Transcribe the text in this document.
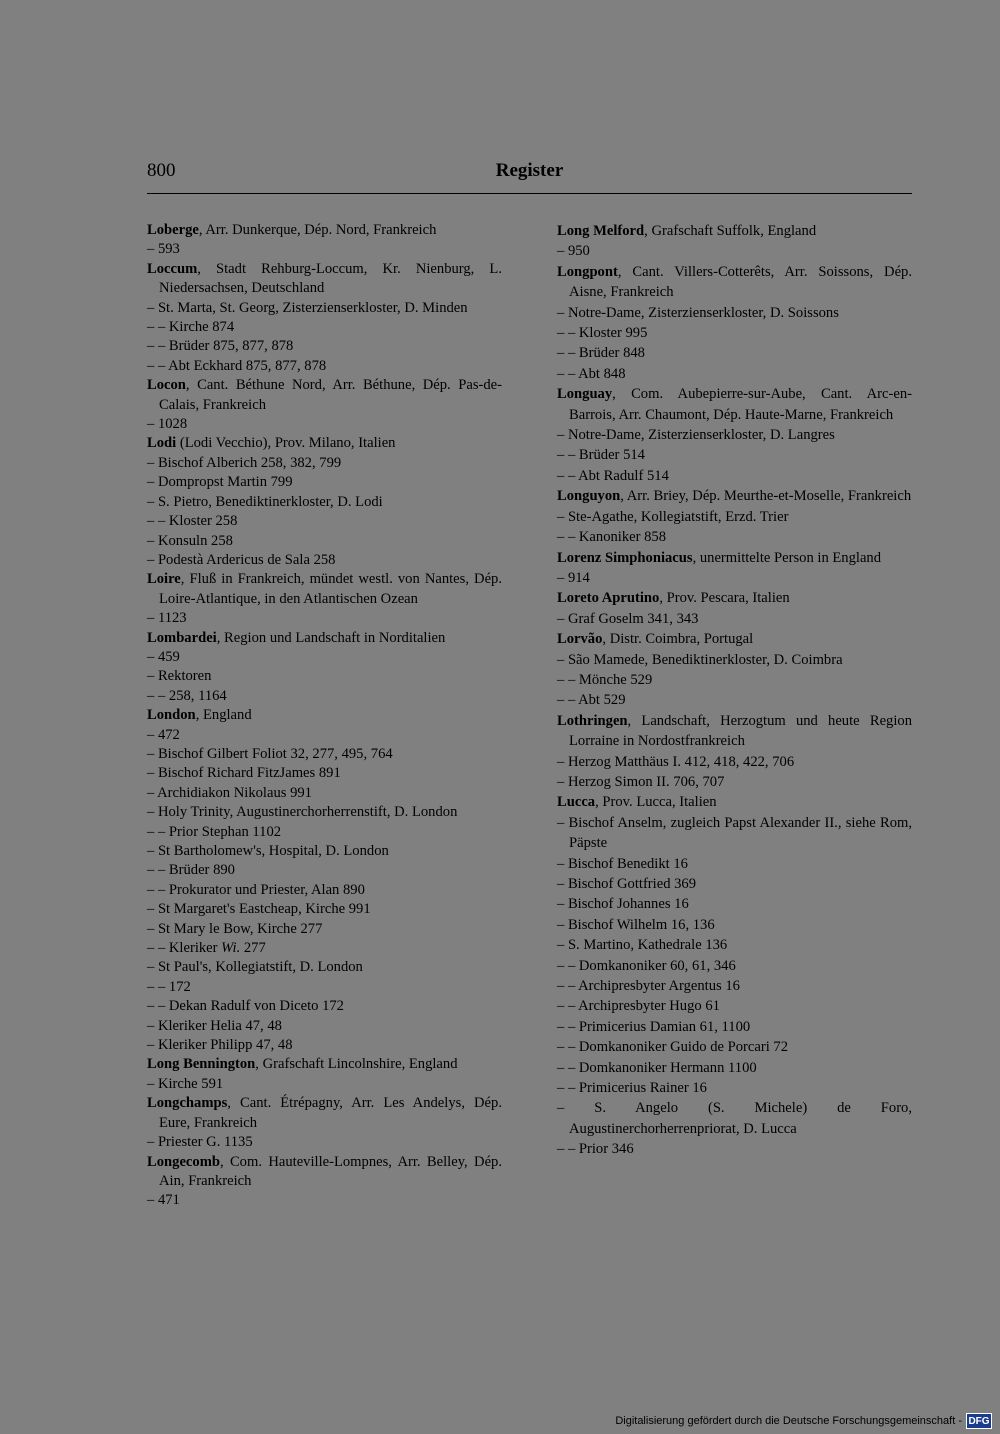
800	Register
Loberge, Arr. Dunkerque, Dép. Nord, Frankreich
– 593
Loccum, Stadt Rehburg-Loccum, Kr. Nienburg, L. Niedersachsen, Deutschland
– St. Marta, St. Georg, Zisterzienserkloster, D. Minden
– – Kirche 874
– – Brüder 875, 877, 878
– – Abt Eckhard 875, 877, 878
Locon, Cant. Béthune Nord, Arr. Béthune, Dép. Pas-de-Calais, Frankreich
– 1028
Lodi (Lodi Vecchio), Prov. Milano, Italien
– Bischof Alberich 258, 382, 799
– Dompropst Martin 799
– S. Pietro, Benediktinerkloster, D. Lodi
– – Kloster 258
– Konsuln 258
– Podestà Ardericus de Sala 258
Loire, Fluß in Frankreich, mündet westl. von Nantes, Dép. Loire-Atlantique, in den Atlantischen Ozean
– 1123
Lombardei, Region und Landschaft in Norditalien
– 459
– Rektoren
– – 258, 1164
London, England
– 472
– Bischof Gilbert Foliot 32, 277, 495, 764
– Bischof Richard FitzJames 891
– Archidiakon Nikolaus 991
– Holy Trinity, Augustinerchorherrenstift, D. London
– – Prior Stephan 1102
– St Bartholomew's, Hospital, D. London
– – Brüder 890
– – Prokurator und Priester, Alan 890
– St Margaret's Eastcheap, Kirche 991
– St Mary le Bow, Kirche 277
– – Kleriker Wi. 277
– St Paul's, Kollegiatstift, D. London
– – 172
– – Dekan Radulf von Diceto 172
– Kleriker Helia 47, 48
– Kleriker Philipp 47, 48
Long Bennington, Grafschaft Lincolnshire, England
– Kirche 591
Longchamps, Cant. Étrépagny, Arr. Les Andelys, Dép. Eure, Frankreich
– Priester G. 1135
Longecomb, Com. Hauteville-Lompnes, Arr. Belley, Dép. Ain, Frankreich
– 471
Long Melford, Grafschaft Suffolk, England
– 950
Longpont, Cant. Villers-Cotterêts, Arr. Soissons, Dép. Aisne, Frankreich
– Notre-Dame, Zisterzienserkloster, D. Soissons
– – Kloster 995
– – Brüder 848
– – Abt 848
Longuay, Com. Aubepierre-sur-Aube, Cant. Arc-en-Barrois, Arr. Chaumont, Dép. Haute-Marne, Frankreich
– Notre-Dame, Zisterzienserkloster, D. Langres
– – Brüder 514
– – Abt Radulf 514
Longuyon, Arr. Briey, Dép. Meurthe-et-Moselle, Frankreich
– Ste-Agathe, Kollegiatstift, Erzd. Trier
– – Kanoniker 858
Lorenz Simphoniacus, unermittelte Person in England
– 914
Loreto Aprutino, Prov. Pescara, Italien
– Graf Goselm 341, 343
Lorvão, Distr. Coimbra, Portugal
– São Mamede, Benediktinerkloster, D. Coimbra
– – Mönche 529
– – Abt 529
Lothringen, Landschaft, Herzogtum und heute Region Lorraine in Nordostfrankreich
– Herzog Matthäus I. 412, 418, 422, 706
– Herzog Simon II. 706, 707
Lucca, Prov. Lucca, Italien
– Bischof Anselm, zugleich Papst Alexander II., siehe Rom, Päpste
– Bischof Benedikt 16
– Bischof Gottfried 369
– Bischof Johannes 16
– Bischof Wilhelm 16, 136
– S. Martino, Kathedrale 136
– – Domkanoniker 60, 61, 346
– – Archipresbyter Argentus 16
– – Archipresbyter Hugo 61
– – Primicerius Damian 61, 1100
– – Domkanoniker Guido de Porcari 72
– – Domkanoniker Hermann 1100
– – Primicerius Rainer 16
– S. Angelo (S. Michele) de Foro, Augustinerchorherrenpriorat, D. Lucca
– – Prior 346
Digitalisierung gefördert durch die Deutsche Forschungsgemeinschaft - DFG
